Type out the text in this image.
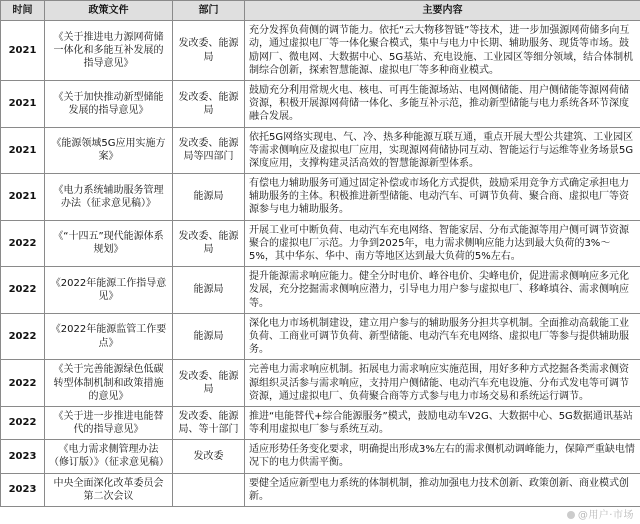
时间	政策文件	部门	主要内容
2021	《关于推进电力源网荷储一体化和多能互补发展的指导意见》	发改委、能源局	充分发挥负荷侧的调节能力。依托“云大物移智链”等技术，进一步加强源网荷储多向互动，通过虚拟电厂等一体化聚合模式，集中与电力中长期、辅助服务、现货等市场。鼓励网厂、微电网、大数据中心、5G基站、充电设施、工业园区等细分领域，结合体制机制综合创新，探索智慧能源、虚拟电厂等多种商业模式。
2021	《关于加快推动新型储能发展的指导意见》	发改委、能源局	鼓励充分利用常规火电、核电、可再生能源场站、电网侧储能、用户侧储能等源网荷储资源，积极开展源网荷储一体化、多能互补示范，推动新型储能与电力系统各环节深度融合发展。
2021	《能源领域5G应用实施方案》	发改委、能源局等四部门	依托5G网络实现电、气、冷、热多种能源互联互通，重点开展大型公共建筑、工业园区等需求侧响应及虚拟电厂应用，实现源网荷储协同互动、智能运行与运维等业务场景5G深度应用，支撑构建灵活高效的智慧能源新型体系。
2021	《电力系统辅助服务管理办法（征求意见稿）》	能源局	有偿电力辅助服务可通过固定补偿或市场化方式提供，鼓励采用竞争方式确定承担电力辅助服务的主体。积极推进新型储能、电动汽车、可调节负荷、聚合商、虚拟电厂等资源参与电力辅助服务。
2022	《“十四五”现代能源体系规划》	发改委、能源局	开展工业可中断负荷、电动汽车充电网络、智能家居、分布式能源等用户侧可调节资源聚合的虚拟电厂示范。力争到2025年，电力需求侧响应能力达到最大负荷的3%～5%，其中华东、华中、南方等地区达到最大负荷的5%左右。
2022	《2022年能源工作指导意见》	能源局	提升能源需求响应能力。健全分时电价、峰谷电价、尖峰电价，促进需求侧响应多元化发展，充分挖掘需求侧响应潜力，引导电力用户参与虚拟电厂、移峰填谷、需求侧响应等。
2022	《2022年能源监管工作要点》	能源局	深化电力市场机制建设，建立用户参与的辅助服务分担共享机制。全面推动高载能工业负荷、工商业可调节负荷、新型储能、电动汽车充电网络、虚拟电厂等参与提供辅助服务。
2022	《关于完善能源绿色低碳转型体制机制和政策措施的意见》	发改委、能源局	完善电力需求响应机制。拓展电力需求响应实施范围，用好多种方式挖掘各类需求侧资源组织灵活参与需求响应，支持用户侧储能、电动汽车充电设施、分布式发电等可调节资源，通过虚拟电厂、负荷聚合商等方式参与电力市场交易和系统运行调节。
2022	《关于进一步推进电能替代的指导意见》	发改委、能源局、等十部门	推进“电能替代+综合能源服务”模式，鼓励电动车V2G、大数据中心、5G数据通讯基站等利用虚拟电厂参与系统互动。
2023	《电力需求侧管理办法（修订版）》（征求意见稿）	发改委	适应形势任务变化要求，明确提出形成3%左右的需求侧机动调峰能力，保障严重缺电情况下的电力供需平衡。
2023	中央全面深化改革委员会第二次会议		要健全适应新型电力系统的体制机制，推动加强电力技术创新、政策创新、商业模式创新。
@用户·市场
